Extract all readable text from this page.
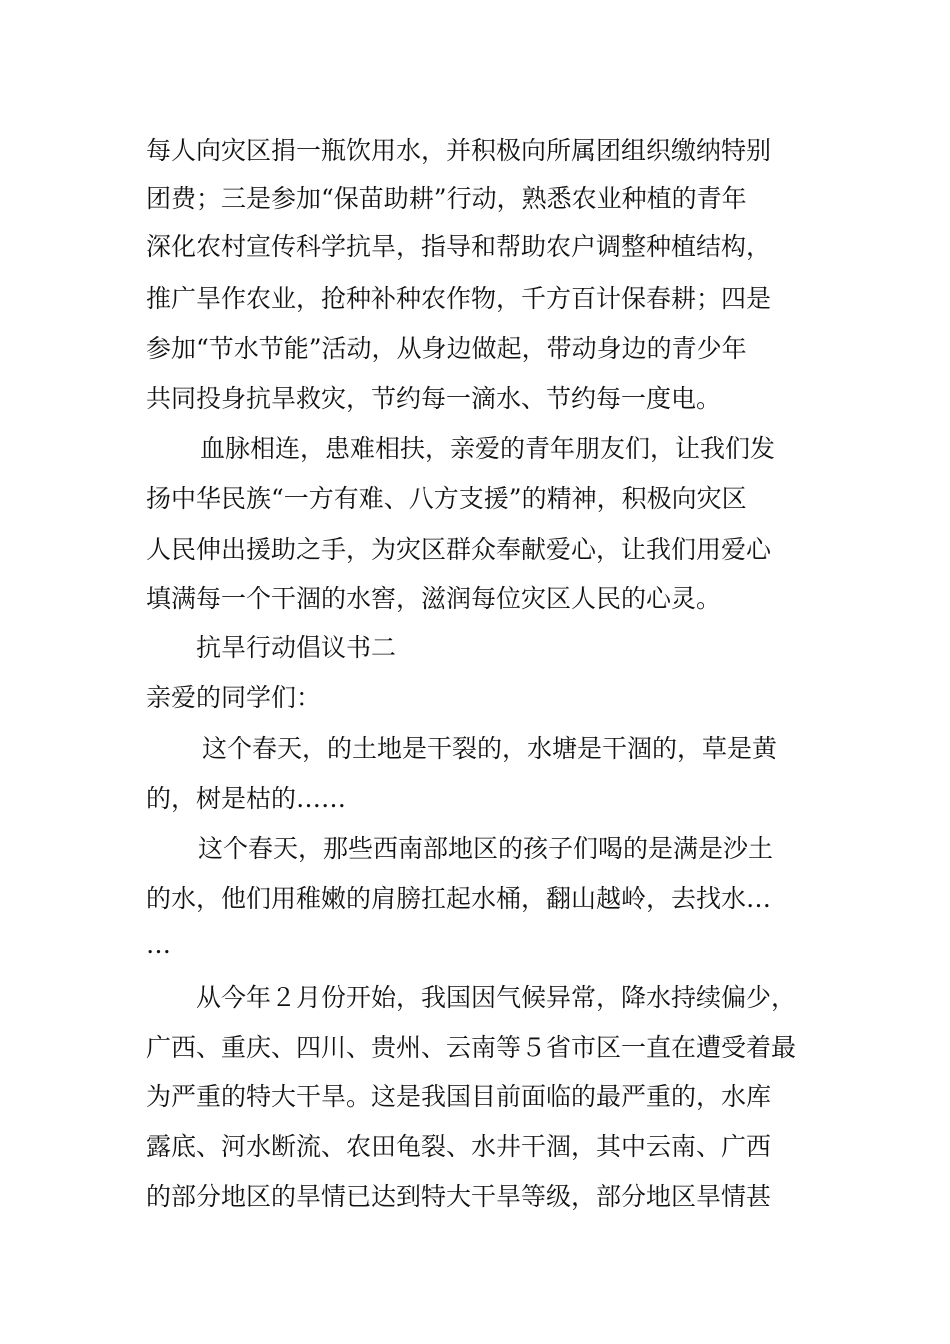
每人向灾区捐一瓶饮用水，并积极向所属团组织缴纳特别
团费；三是参加“保苗助耕”行动，熟悉农业种植的青年
深化农村宣传科学抗旱，指导和帮助农户调整种植结构，
推广旱作农业，抢种补种农作物，千方百计保春耕；四是
参加“节水节能”活动，从身边做起，带动身边的青少年
共同投身抗旱救灾，节约每一滴水、节约每一度电。
血脉相连，患难相扶，亲爱的青年朋友们，让我们发
扬中华民族“一方有难、八方支援”的精神，积极向灾区
人民伸出援助之手，为灾区群众奉献爱心，让我们用爱心
填满每一个干涸的水窖，滋润每位灾区人民的心灵。
抗旱行动倡议书二
亲爱的同学们：
这个春天，的土地是干裂的，水塘是干涸的，草是黄
的，树是枯的……
这个春天，那些西南部地区的孩子们喝的是满是沙土
的水，他们用稚嫩的肩膀扛起水桶，翻山越岭，去找水…
…
从今年２月份开始，我国因气候异常，降水持续偏少，
广西、重庆、四川、贵州、云南等５省市区一直在遭受着最
为严重的特大干旱。这是我国目前面临的最严重的，水库
露底、河水断流、农田龟裂、水井干涸，其中云南、广西
的部分地区的旱情已达到特大干旱等级，部分地区旱情甚
